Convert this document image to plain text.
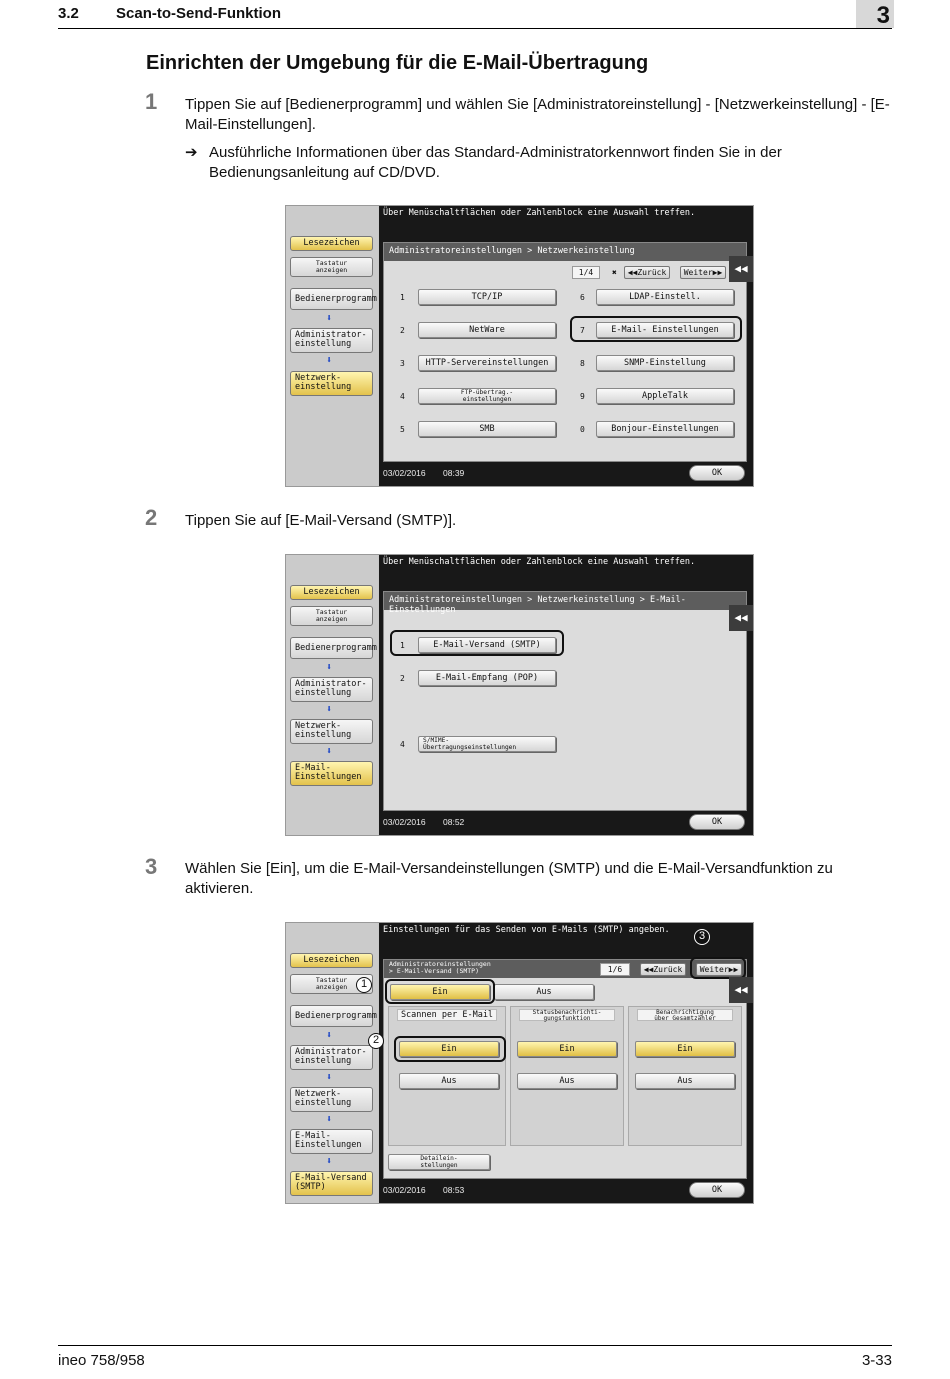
3.2 Scan-to-Send-Funktion	3
Einrichten der Umgebung für die E-Mail-Übertragung
1 Tippen Sie auf [Bedienerprogramm] und wählen Sie [Administratoreinstellung] - [Netzwerkeinstellung] - [E-Mail-Einstellungen].
➔ Ausführliche Informationen über das Standard-Administratorkennwort finden Sie in der Bedienungsanleitung auf CD/DVD.
Lesezeichen
Tastatur
anzeigen
Bedienerprogramm
⬇
Administrator-
einstellung
⬇
Netzwerk-
einstellung
Über Menüschaltflächen oder Zahlenblock eine Auswahl treffen.
Administratoreinstellungen > Netzwerkeinstellung
1/4	✖	◀◀Zurück	Weiter▶▶
1	TCP/IP
2	NetWare
3	HTTP-Servereinstellungen
4	FTP-übertrag.-
einstellungen
5	SMB
6	LDAP-Einstell.
7	E-Mail- Einstellungen
8	SNMP-Einstellung
9	AppleTalk
0	Bonjour-Einstellungen
◀◀
03/02/2016 08:39	OK
2 Tippen Sie auf [E-Mail-Versand (SMTP)].
Lesezeichen
Tastatur
anzeigen
Bedienerprogramm
⬇
Administrator-
einstellung
⬇
Netzwerk-
einstellung
⬇
E-Mail-
Einstellungen
Über Menüschaltflächen oder Zahlenblock eine Auswahl treffen.
Administratoreinstellungen > Netzwerkeinstellung > E-Mail-Einstellungen
1	E-Mail-Versand (SMTP)
2	E-Mail-Empfang (POP)
4	S/MIME-
Übertragungseinstellungen
◀◀
03/02/2016 08:52	OK
3 Wählen Sie [Ein], um die E-Mail-Versandeinstellungen (SMTP) und die E-Mail-Versandfunktion zu aktivieren.
Lesezeichen
Tastatur
anzeigen
Bedienerprogramm
⬇
Administrator-
einstellung
⬇
Netzwerk-
einstellung
⬇
E-Mail-
Einstellungen
⬇
E-Mail-Versand
(SMTP)
Einstellungen für das Senden von E-Mails (SMTP) angeben.
Administratoreinstellungen
> E-Mail-Versand (SMTP)	1/6	◀◀Zurück	Weiter▶▶
Ein	Aus
Scannen per E-Mail
Ein
Aus
Statusbenachrichti-
gungsfunktion
Ein
Aus
Benachrichtigung
über Gesamtzähler
Ein
Aus
Detailein-
stellungen
◀◀
03/02/2016 08:53	OK
1
2
3
ineo 758/958	3-33
